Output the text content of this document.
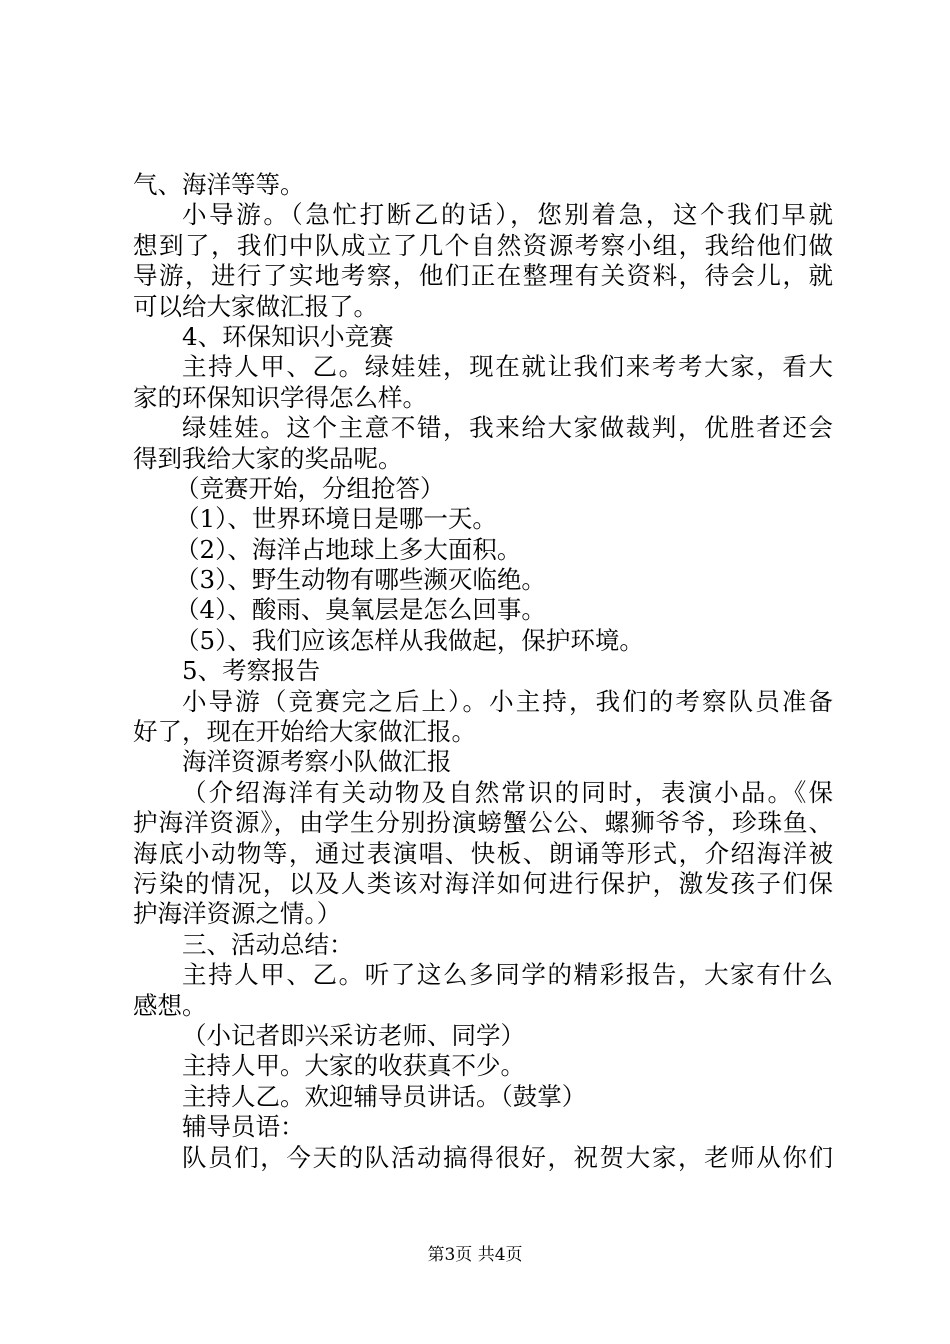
气、海洋等等。
小导游。（急忙打断乙的话），您别着急，这个我们早就
想到了，我们中队成立了几个自然资源考察小组，我给他们做
导游，进行了实地考察，他们正在整理有关资料，待会儿，就
可以给大家做汇报了。
4、环保知识小竞赛
主持人甲、乙。绿娃娃，现在就让我们来考考大家，看大
家的环保知识学得怎么样。
绿娃娃。这个主意不错，我来给大家做裁判，优胜者还会
得到我给大家的奖品呢。
（竞赛开始，分组抢答）
（1）、世界环境日是哪一天。
（2）、海洋占地球上多大面积。
（3）、野生动物有哪些濒灭临绝。
（4）、酸雨、臭氧层是怎么回事。
（5）、我们应该怎样从我做起，保护环境。
5、考察报告
小导游（竞赛完之后上）。小主持，我们的考察队员准备
好了，现在开始给大家做汇报。
海洋资源考察小队做汇报
（介绍海洋有关动物及自然常识的同时，表演小品。《保
护海洋资源》，由学生分别扮演螃蟹公公、螺狮爷爷，珍珠鱼、
海底小动物等，通过表演唱、快板、朗诵等形式，介绍海洋被
污染的情况，以及人类该对海洋如何进行保护，激发孩子们保
护海洋资源之情。）
三、活动总结：
主持人甲、乙。听了这么多同学的精彩报告，大家有什么
感想。
（小记者即兴采访老师、同学）
主持人甲。大家的收获真不少。
主持人乙。欢迎辅导员讲话。（鼓掌）
辅导员语：
队员们，今天的队活动搞得很好，祝贺大家，老师从你们
第3页 共4页
